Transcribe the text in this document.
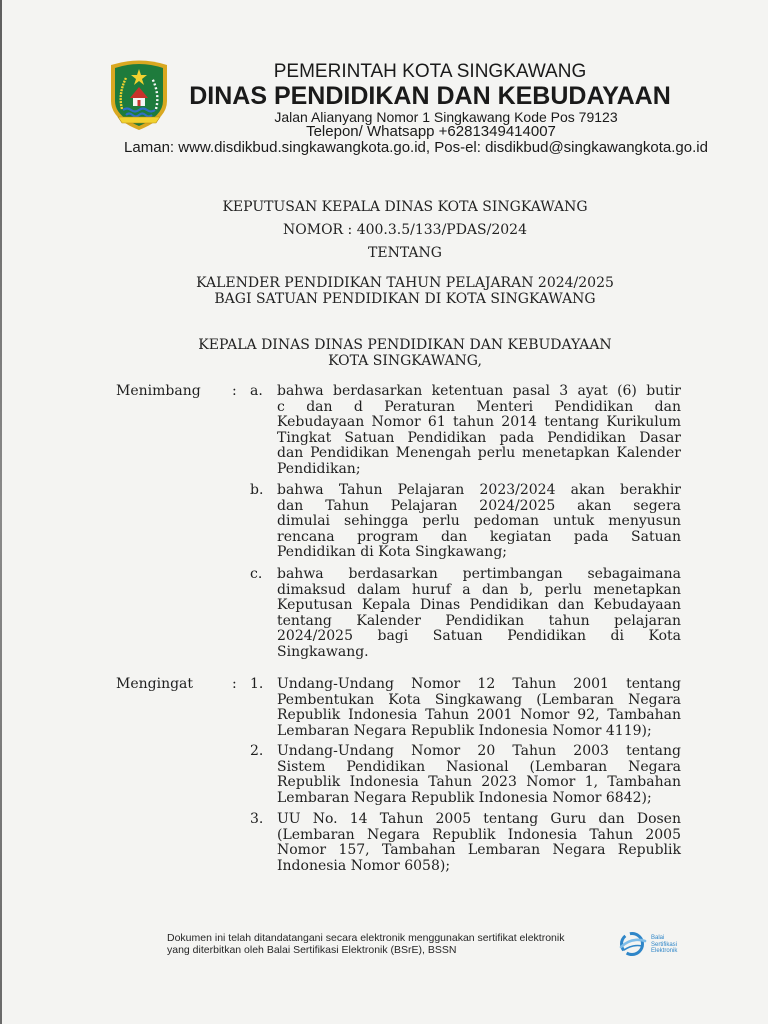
PEMERINTAH KOTA SINGKAWANG
DINAS PENDIDIKAN DAN KEBUDAYAAN
Jalan Alianyang Nomor 1 Singkawang Kode Pos 79123
Telepon/ Whatsapp +6281349414007
Laman: www.disdikbud.singkawangkota.go.id, Pos-el: disdikbud@singkawangkota.go.id
KEPUTUSAN KEPALA DINAS KOTA SINGKAWANG
NOMOR : 400.3.5/133/PDAS/2024
TENTANG
KALENDER PENDIDIKAN TAHUN PELAJARAN 2024/2025
BAGI SATUAN PENDIDIKAN DI KOTA SINGKAWANG
KEPALA DINAS DINAS PENDIDIKAN DAN KEBUDAYAAN
KOTA SINGKAWANG,
Menimbang : a. bahwa berdasarkan ketentuan pasal 3 ayat (6) butir
c dan d Peraturan Menteri Pendidikan dan
Kebudayaan Nomor 61 tahun 2014 tentang Kurikulum
Tingkat Satuan Pendidikan pada Pendidikan Dasar
dan Pendidikan Menengah perlu menetapkan Kalender
Pendidikan;
b. bahwa Tahun Pelajaran 2023/2024 akan berakhir
dan Tahun Pelajaran 2024/2025 akan segera
dimulai sehingga perlu pedoman untuk menyusun
rencana program dan kegiatan pada Satuan
Pendidikan di Kota Singkawang;
c. bahwa berdasarkan pertimbangan sebagaimana
dimaksud dalam huruf a dan b, perlu menetapkan
Keputusan Kepala Dinas Pendidikan dan Kebudayaan
tentang Kalender Pendidikan tahun pelajaran
2024/2025 bagi Satuan Pendidikan di Kota
Singkawang.
Mengingat	: 1. Undang-Undang Nomor 12 Tahun 2001 tentang
Pembentukan Kota Singkawang (Lembaran Negara
Republik Indonesia Tahun 2001 Nomor 92, Tambahan
Lembaran Negara Republik Indonesia Nomor 4119);
2. Undang-Undang Nomor 20 Tahun 2003 tentang
Sistem Pendidikan Nasional (Lembaran Negara
Republik Indonesia Tahun 2023 Nomor 1, Tambahan
Lembaran Negara Republik Indonesia Nomor 6842);
3. UU No. 14 Tahun 2005 tentang Guru dan Dosen
(Lembaran Negara Republik Indonesia Tahun 2005
Nomor 157, Tambahan Lembaran Negara Republik
Indonesia Nomor 6058);
Dokumen ini telah ditandatangani secara elektronik menggunakan sertifikat elektronik
yang diterbitkan oleh Balai Sertifikasi Elektronik (BSrE), BSSN
Balai
Sertifikasi
Elektronik
